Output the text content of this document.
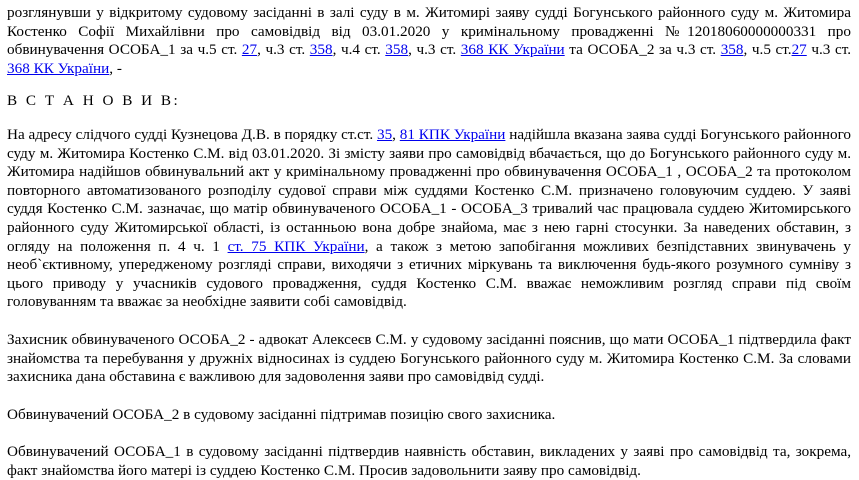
розглянувши у відкритому судовому засіданні в залі суду в м. Житомирі заяву судді Богунського районного суду м. Житомира Костенко Софії Михайлівни про самовідвід від 03.01.2020 у кримінальному провадженні №12018060000000331 про обвинувачення ОСОБА_1 за ч.5 ст. 27, ч.3 ст. 358, ч.4 ст. 358, ч.3 ст. 368 КК України та ОСОБА_2 за ч.3 ст. 358, ч.5 ст.27 ч.3 ст. 368 КК України, -

В С Т А Н О В И В:

На адресу слідчого судді Кузнецова Д.В. в порядку ст.ст. 35, 81 КПК України надійшла вказана заява судді Богунського районного суду м. Житомира Костенко С.М. від 03.01.2020. Зі змісту заяви про самовідвід вбачається, що до Богунського районного суду м. Житомира надійшов обвинувальний акт у кримінальному провадженні про обвинувачення ОСОБА_1 , ОСОБА_2 та протоколом повторного автоматизованого розподілу судової справи між суддями Костенко С.М. призначено головуючим суддею. У заяві суддя Костенко С.М. зазначає, що матір обвинуваченого ОСОБА_1 - ОСОБА_3 тривалий час працювала суддею Житомирського районного суду Житомирської області, із останньою вона добре знайома, має з нею гарні стосунки. За наведених обставин, з огляду на положення п. 4 ч. 1 ст. 75 КПК України, а також з метою запобігання можливих безпідставних звинувачень у необ`єктивному, упередженому розгляді справи, виходячи з етичних міркувань та виключення будь-якого розумного сумніву з цього приводу у учасників судового провадження, суддя Костенко С.М. вважає неможливим розгляд справи під своїм головуванням та вважає за необхідне заявити собі самовідвід.

Захисник обвинуваченого ОСОБА_2 - адвокат Алексеєв С.М. у судовому засіданні пояснив, що мати ОСОБА_1 підтвердила факт знайомства та перебування у дружніх відносинах із суддею Богунського районного суду м. Житомира Костенко С.М. За словами захисника дана обставина є важливою для задоволення заяви про самовідвід судді.

Обвинувачений ОСОБА_2 в судовому засіданні підтримав позицію свого захисника.

Обвинувачений ОСОБА_1 в судовому засіданні підтвердив наявність обставин, викладених у заяві про самовідвід та, зокрема, факт знайомства його матері із суддею Костенко С.М. Просив задовольнити заяву про самовідвід.
